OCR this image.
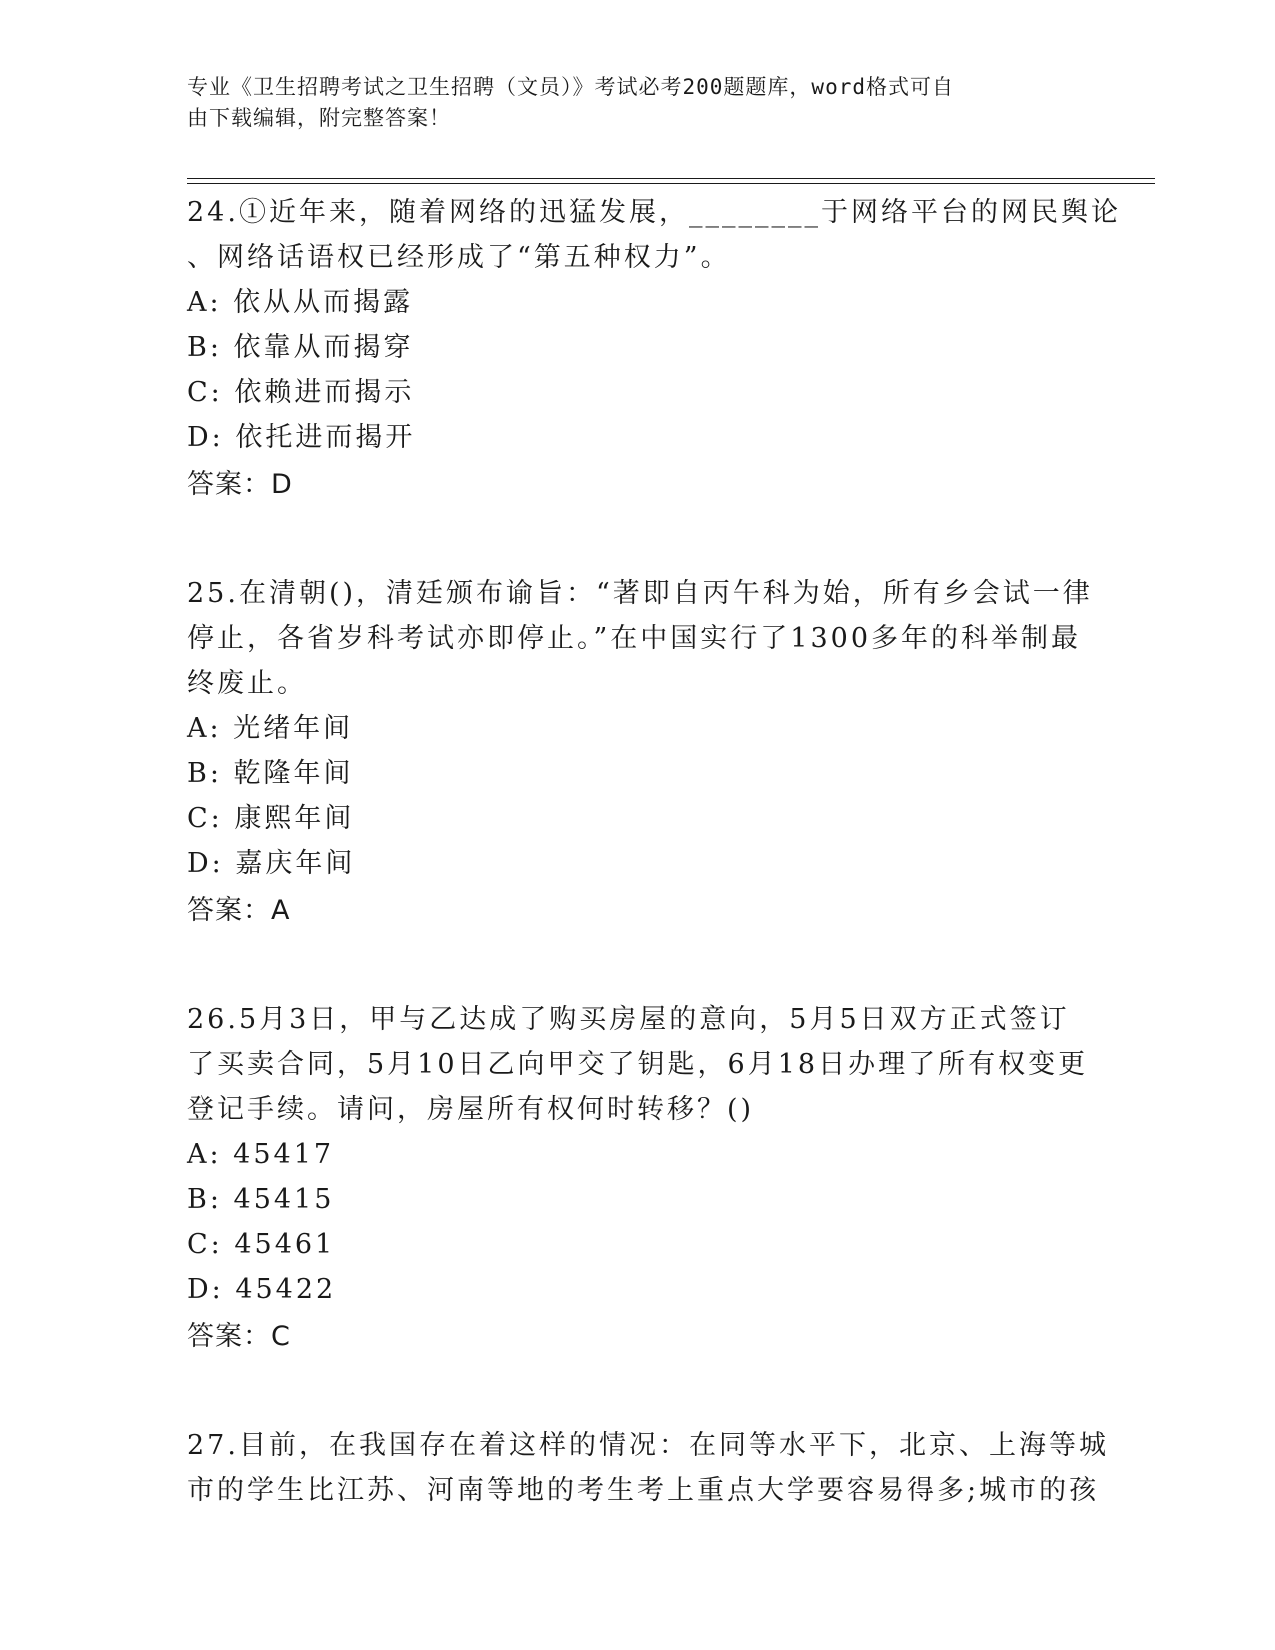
专业《卫生招聘考试之卫生招聘（文员）》考试必考200题题库，word格式可自
由下载编辑，附完整答案！
24.①近年来，随着网络的迅猛发展，________于网络平台的网民舆论
、网络话语权已经形成了“第五种权力”。
A: 依从从而揭露
B: 依靠从而揭穿
C: 依赖进而揭示
D: 依托进而揭开
答案：D
25.在清朝()，清廷颁布谕旨：“著即自丙午科为始，所有乡会试一律
停止，各省岁科考试亦即停止。”在中国实行了1300多年的科举制最
终废止。
A: 光绪年间
B: 乾隆年间
C: 康熙年间
D: 嘉庆年间
答案：A
26.5月3日，甲与乙达成了购买房屋的意向，5月5日双方正式签订
了买卖合同，5月10日乙向甲交了钥匙，6月18日办理了所有权变更
登记手续。请问，房屋所有权何时转移？()
A: 45417
B: 45415
C: 45461
D: 45422
答案：C
27.目前，在我国存在着这样的情况：在同等水平下，北京、上海等城
市的学生比江苏、河南等地的考生考上重点大学要容易得多;城市的孩
